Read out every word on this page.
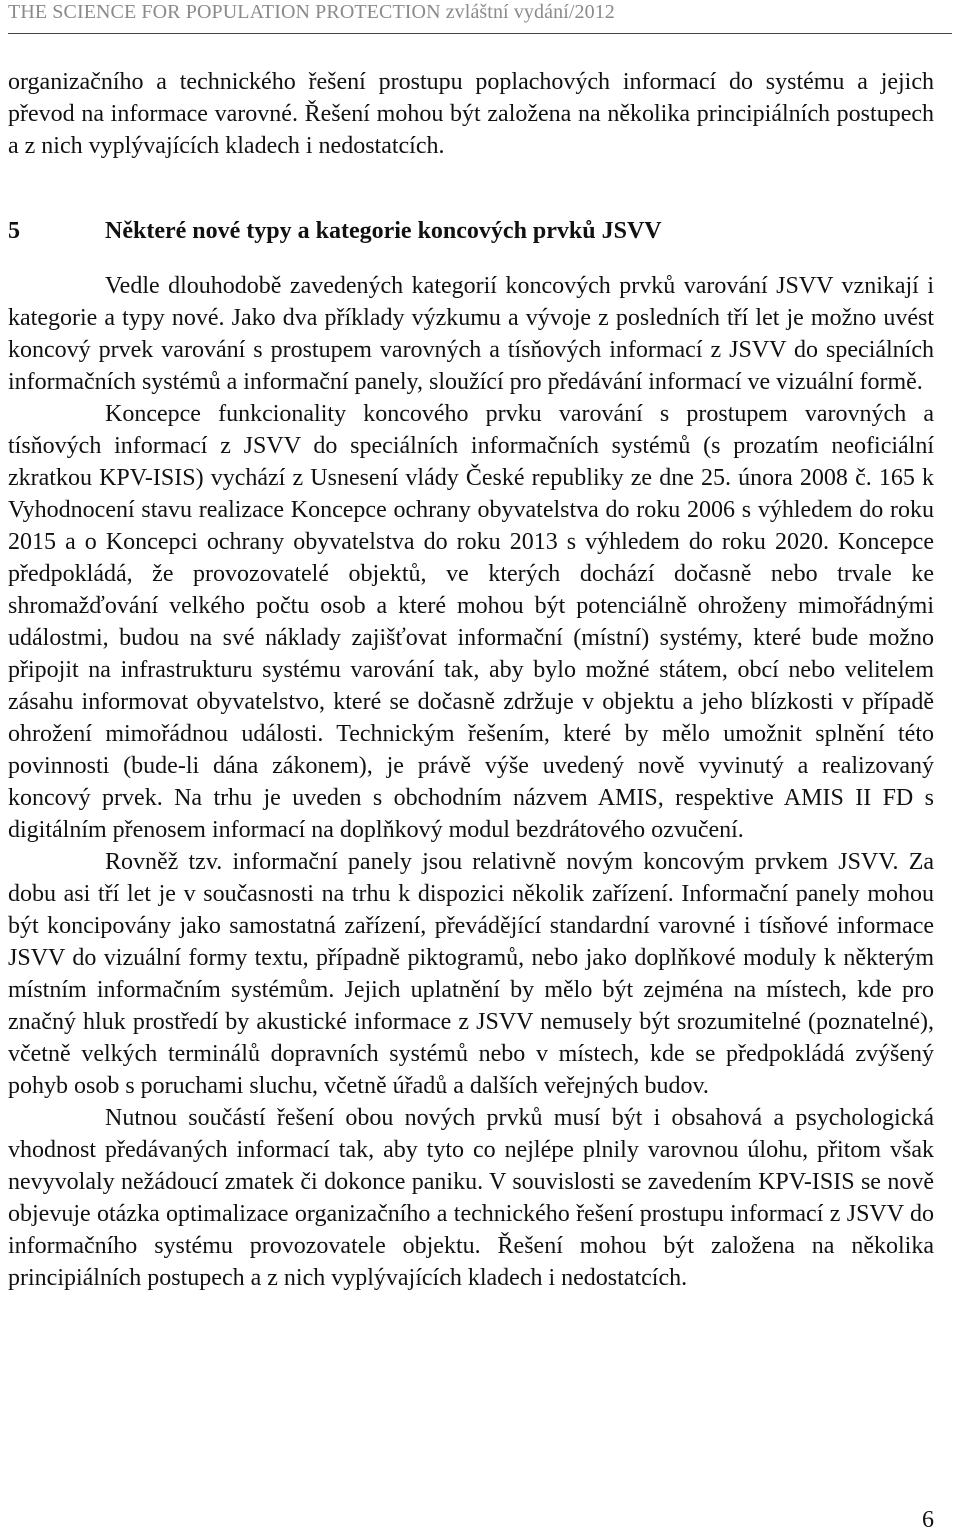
THE SCIENCE FOR POPULATION PROTECTION zvláštní vydání/2012

organizačního a technického řešení prostupu poplachových informací do systému a jejich převod na informace varovné. Řešení mohou být založena na několika principiálních postupech a z nich vyplývajících kladech i nedostatcích.

5	Některé nové typy a kategorie koncových prvků JSVV

Vedle dlouhodobě zavedených kategorií koncových prvků varování JSVV vznikají i kategorie a typy nové. Jako dva příklady výzkumu a vývoje z posledních tří let je možno uvést koncový prvek varování s prostupem varovných a tísňových informací z JSVV do speciálních informačních systémů a informační panely, sloužící pro předávání informací ve vizuální formě.

Koncepce funkcionality koncového prvku varování s prostupem varovných a tísňových informací z JSVV do speciálních informačních systémů (s prozatím neoficiální zkratkou KPV-ISIS) vychází z Usnesení vlády České republiky ze dne 25. února 2008 č. 165 k Vyhodnocení stavu realizace Koncepce ochrany obyvatelstva do roku 2006 s výhledem do roku 2015 a o Koncepci ochrany obyvatelstva do roku 2013 s výhledem do roku 2020. Koncepce předpokládá, že provozovatelé objektů, ve kterých dochází dočasně nebo trvale ke shromažďování velkého počtu osob a které mohou být potenciálně ohroženy mimořádnými událostmi, budou na své náklady zajišťovat informační (místní) systémy, které bude možno připojit na infrastrukturu systému varování tak, aby bylo možné státem, obcí nebo velitelem zásahu informovat obyvatelstvo, které se dočasně zdržuje v objektu a jeho blízkosti v případě ohrožení mimořádnou události. Technickým řešením, které by mělo umožnit splnění této povinnosti (bude-li dána zákonem), je právě výše uvedený nově vyvinutý a realizovaný koncový prvek. Na trhu je uveden s obchodním názvem AMIS, respektive AMIS II FD s digitálním přenosem informací na doplňkový modul bezdrátového ozvučení.

Rovněž tzv. informační panely jsou relativně novým koncovým prvkem JSVV. Za dobu asi tří let je v současnosti na trhu k dispozici několik zařízení. Informační panely mohou být koncipovány jako samostatná zařízení, převádějící standardní varovné i tísňové informace JSVV do vizuální formy textu, případně piktogramů, nebo jako doplňkové moduly k některým místním informačním systémům. Jejich uplatnění by mělo být zejména na místech, kde pro značný hluk prostředí by akustické informace z JSVV nemusely být srozumitelné (poznatelné), včetně velkých terminálů dopravních systémů nebo v místech, kde se předpokládá zvýšený pohyb osob s poruchami sluchu, včetně úřadů a dalších veřejných budov.

Nutnou součástí řešení obou nových prvků musí být i obsahová a psychologická vhodnost předávaných informací tak, aby tyto co nejlépe plnily varovnou úlohu, přitom však nevyvolaly nežádoucí zmatek či dokonce paniku. V souvislosti se zavedením KPV-ISIS se nově objevuje otázka optimalizace organizačního a technického řešení prostupu informací z JSVV do informačního systému provozovatele objektu. Řešení mohou být založena na několika principiálních postupech a z nich vyplývajících kladech i nedostatcích.

6
